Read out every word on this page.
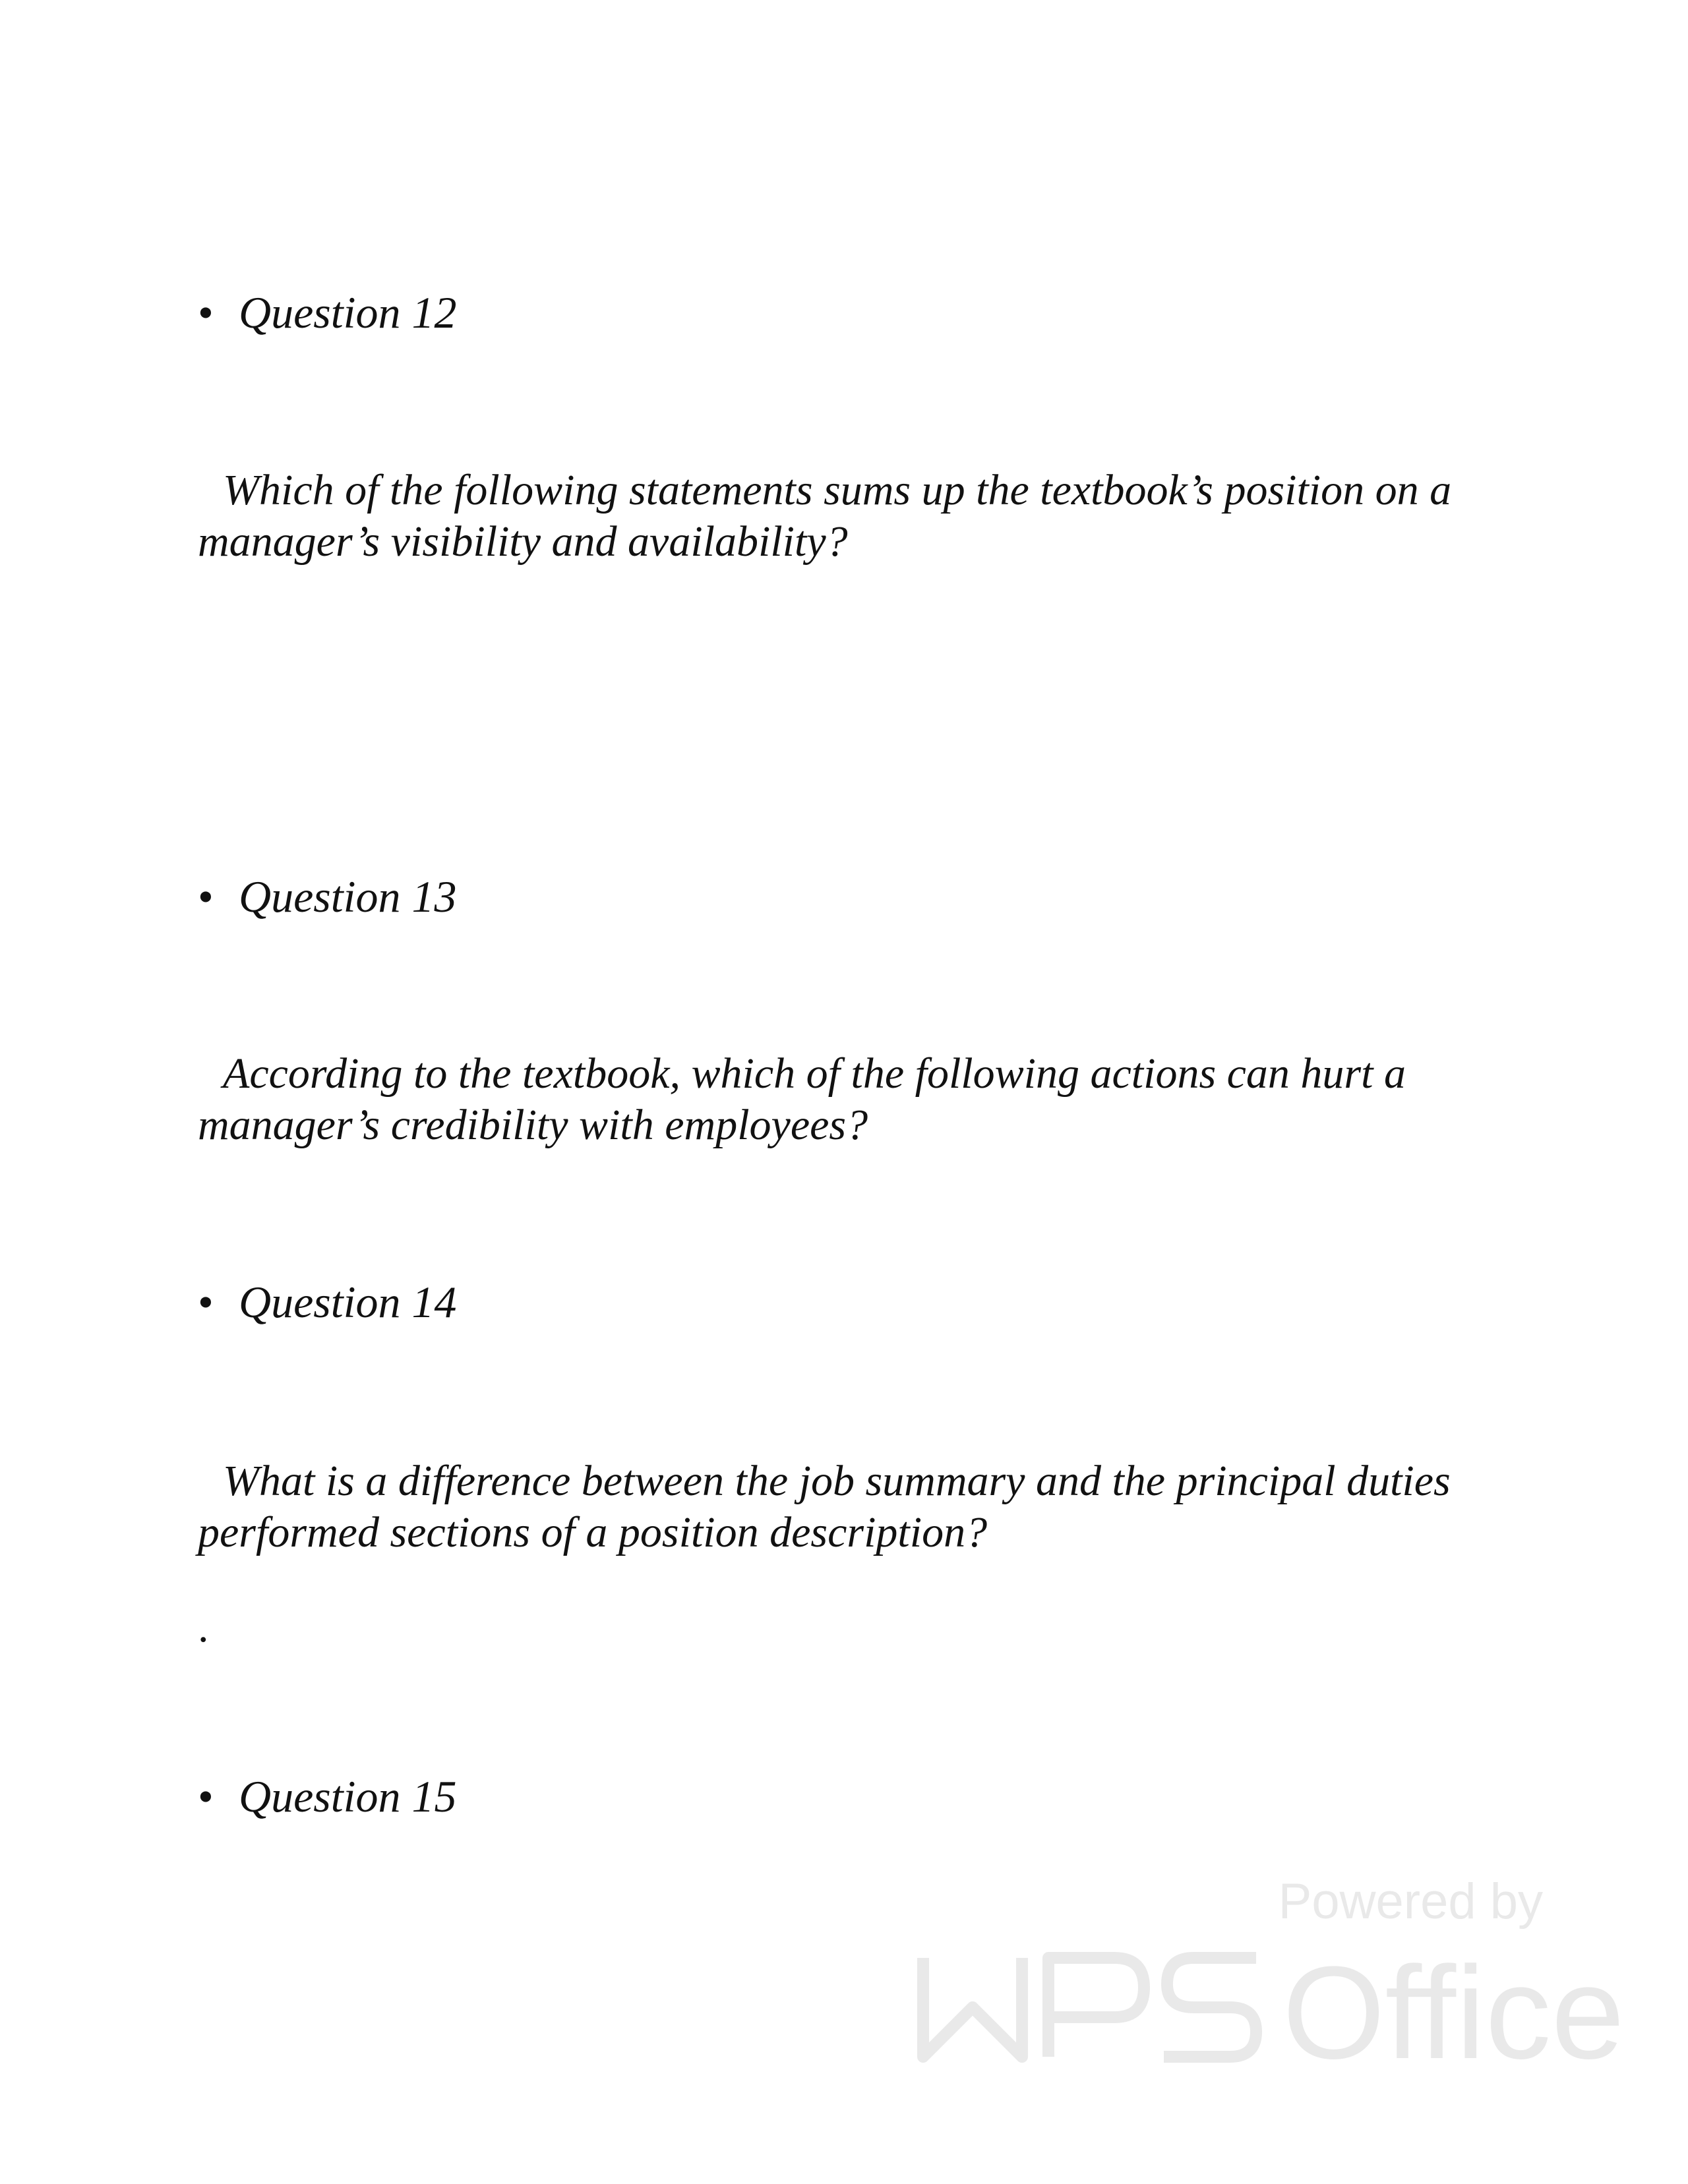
• Question 12
Which of the following statements sums up the textbook’s position on a manager’s visibility and availability?
• Question 13
According to the textbook, which of the following actions can hurt a manager’s credibility with employees?
• Question 14
What is a difference between the job summary and the principal duties performed sections of a position description?
.
• Question 15
Powered by
Office
